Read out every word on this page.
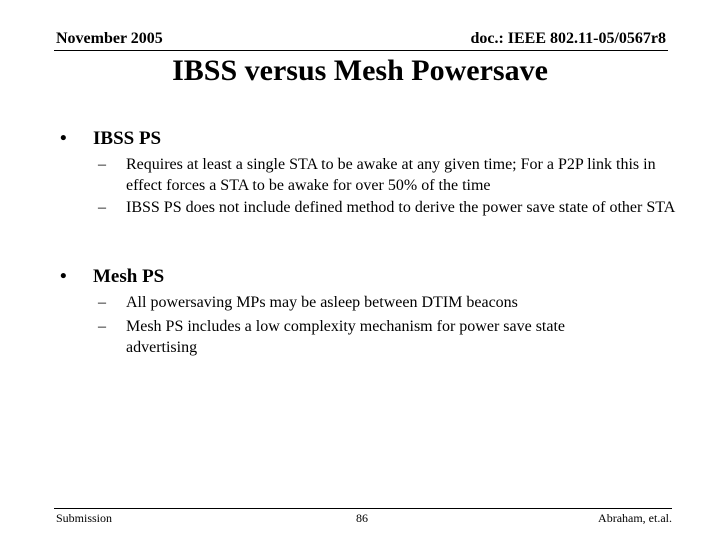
November 2005	doc.: IEEE 802.11-05/0567r8
IBSS versus Mesh Powersave
•	IBSS PS
–	Requires at least a single STA to be awake at any given time; For a P2P link this in effect forces a STA to be awake for over 50% of the time
–	IBSS PS does not include defined method to derive the power save state of other STA
•	Mesh PS
–	All powersaving MPs may be asleep between DTIM beacons
–	Mesh PS includes a low complexity mechanism for power save state advertising
Submission	86	Abraham, et.al.
